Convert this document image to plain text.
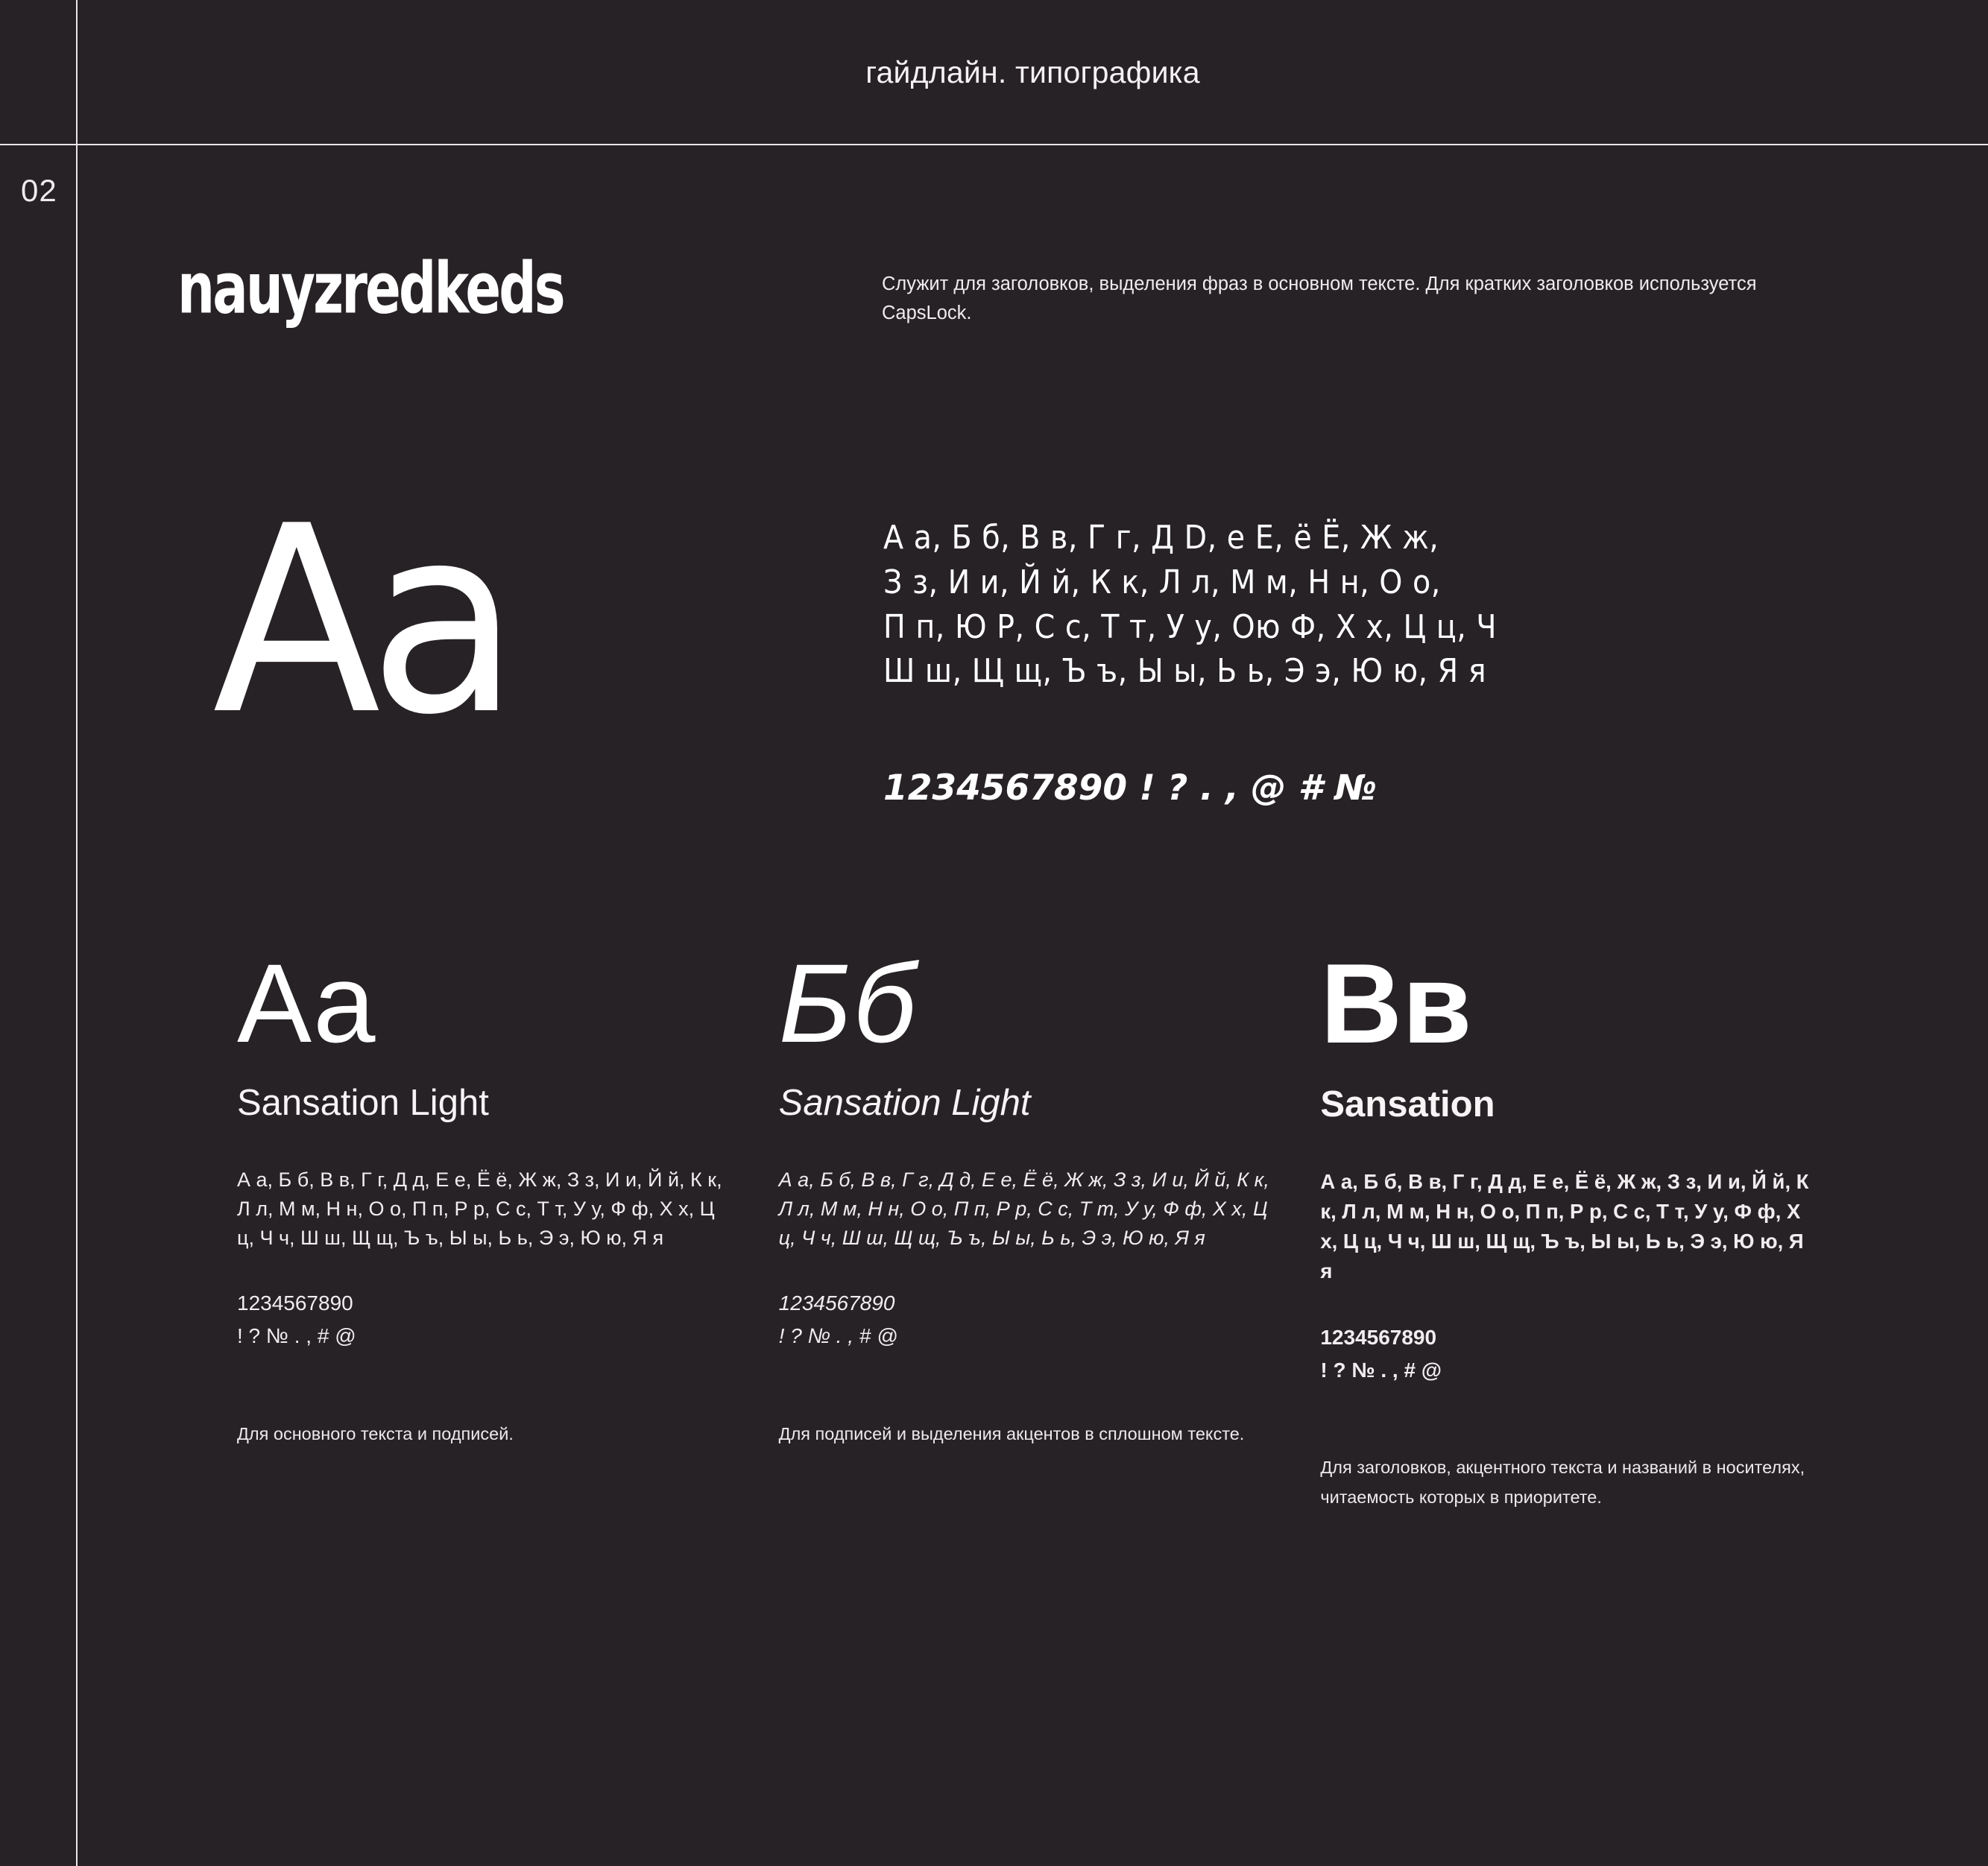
гайдлайн. типографика
02
nauyzredkeds	Служит для заголовков, выделения фраз в основном тексте. Для кратких заголовков используется CapsLock.
Аа	А а, Б б, В в, Г г, Д D, е Е, ё Ё, Ж ж,
З з, И и, Й й, К к, Л л, М м, Н н, О о,
П п, Ю Р, С с, Т т, У у, Ою Ф, Х х, Ц ц, Ч
Ш ш, Щ щ, Ъ ъ, Ы ы, Ь ь, Э э, Ю ю, Я я
1234567890 ! ? . , @ # №
Aa
Sansation Light
А а, Б б, В в, Г г, Д д, Е е, Ё ё, Ж ж, З з, И и, Й й, К к, Л л, М м, Н н, О о, П п, Р р, С с, Т т, У у, Ф ф, Х х, Ц ц, Ч ч, Ш ш, Щ щ, Ъ ъ, Ы ы, Ь ь, Э э, Ю ю, Я я
1234567890
! ? № . , # @
Для основного текста и подписей.
Бб
Sansation Light
А а, Б б, В в, Г г, Д д, Е е, Ё ё, Ж ж, З з, И и, Й й, К к, Л л, М м, Н н, О о, П п, Р р, С с, Т т, У у, Ф ф, Х х, Ц ц, Ч ч, Ш ш, Щ щ, Ъ ъ, Ы ы, Ь ь, Э э, Ю ю, Я я
1234567890
! ? № . , # @
Для подписей и выделения акцентов в сплошном тексте.
Вв
Sansation
А а, Б б, В в, Г г, Д д, Е е, Ё ё, Ж ж, З з, И и, Й й, К к, Л л, М м, Н н, О о, П п, Р р, С с, Т т, У у, Ф ф, Х х, Ц ц, Ч ч, Ш ш, Щ щ, Ъ ъ, Ы ы, Ь ь, Э э, Ю ю, Я я
1234567890
! ? № . , # @
Для заголовков, акцентного текста и названий в носителях, читаемость которых в приоритете.
